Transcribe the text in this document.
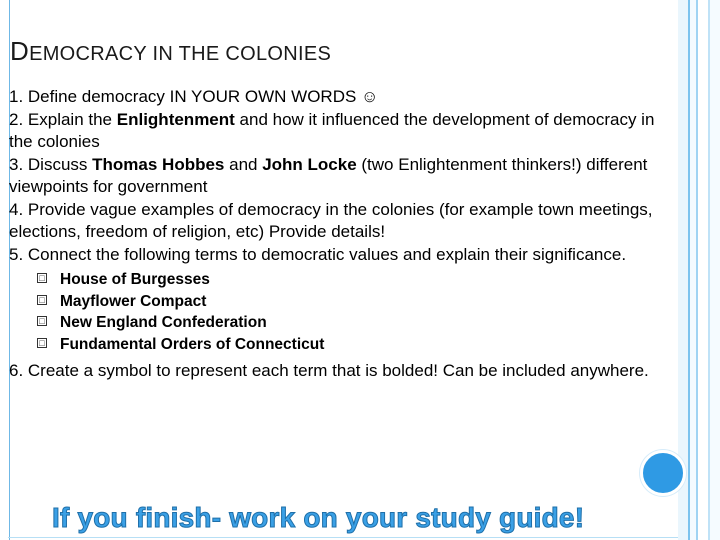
DEMOCRACY IN THE COLONIES

1. Define democracy IN YOUR OWN WORDS ☺

2. Explain the Enlightenment and how it influenced the development of democracy in the colonies

3. Discuss Thomas Hobbes and John Locke (two Enlightenment thinkers!) different viewpoints for government

4. Provide vague examples of democracy in the colonies (for example town meetings, elections, freedom of religion, etc) Provide details!

5. Connect the following terms to democratic values and explain their significance.

□ House of Burgesses
□ Mayflower Compact
□ New England Confederation
□ Fundamental Orders of Connecticut

6. Create a symbol to represent each term that is bolded! Can be included anywhere.

If you finish- work on your study guide!
